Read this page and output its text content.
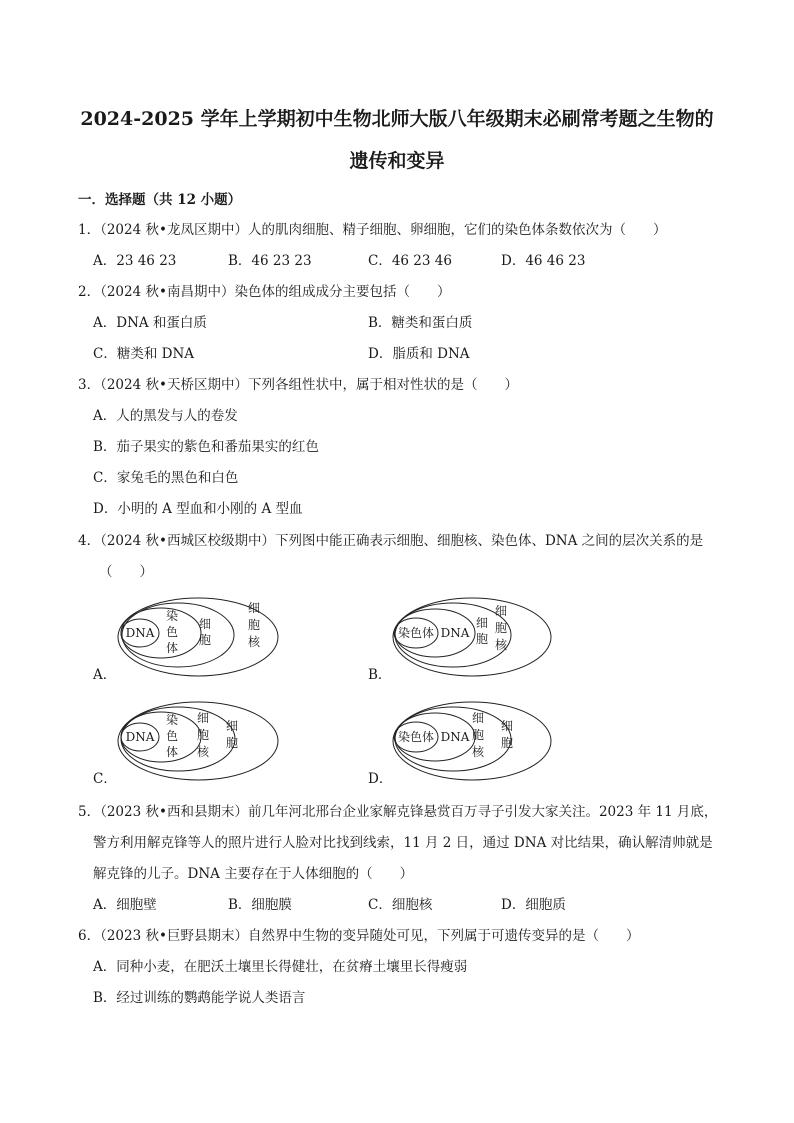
2024-2025 学年上学期初中生物北师大版八年级期末必刷常考题之生物的
遗传和变异
一．选择题（共 12 小题）
1．（2024 秋•龙凤区期中）人的肌肉细胞、精子细胞、卵细胞，它们的染色体条数依次为（　　）
A．23 46 23	B．46 23 23	C．46 23 46	D．46 46 23
2．（2024 秋•南昌期中）染色体的组成成分主要包括（　　）
A．DNA 和蛋白质	B．糖类和蛋白质
C．糖类和 DNA	D．脂质和 DNA
3．（2024 秋•天桥区期中）下列各组性状中，属于相对性状的是（　　）
A．人的黑发与人的卷发
B．茄子果实的紫色和番茄果实的红色
C．家兔毛的黑色和白色
D．小明的 A 型血和小刚的 A 型血
4．（2024 秋•西城区校级期中）下列图中能正确表示细胞、细胞核、染色体、DNA 之间的层次关系的是
（　　）
A．	B．
C．	D．
DNA
染
色
体
细
胞
细
胞
核
染色体 DNA
细
胞
细
胞
核
DNA
染
色
体
细
胞
核
细
胞	染色体 DNA
细
胞
核
细
胞
5．（2023 秋•西和县期末）前几年河北邢台企业家解克锋悬赏百万寻子引发大家关注。2023 年 11 月底，
警方利用解克锋等人的照片进行人脸对比找到线索，11 月 2 日，通过 DNA 对比结果，确认解清帅就是
解克锋的儿子。DNA 主要存在于人体细胞的（　　）
A．细胞壁	B．细胞膜	C．细胞核	D．细胞质
6．（2023 秋•巨野县期末）自然界中生物的变异随处可见，下列属于可遗传变异的是（　　）
A．同种小麦，在肥沃土壤里长得健壮，在贫瘠土壤里长得瘦弱
B．经过训练的鹦鹉能学说人类语言
